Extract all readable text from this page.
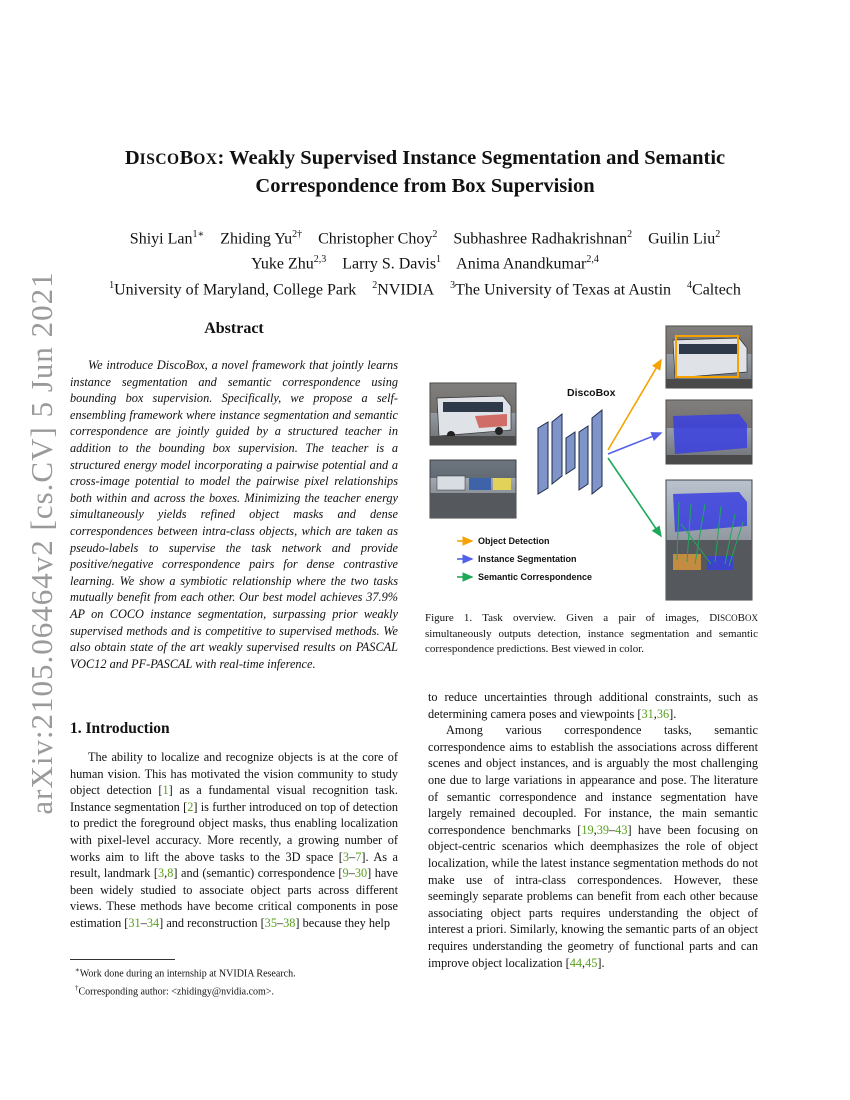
arXiv:2105.06464v2 [cs.CV] 5 Jun 2021
DISCOBOX: Weakly Supervised Instance Segmentation and Semantic
Correspondence from Box Supervision
Shiyi Lan$^{1∗}$ Zhiding $Yu^{2\dagger}$ Christopher Choy$^2$ Subhashree Radhakrishnan$^2$ Guilin Liu$^2$
Yuke Zhu$^{2,3}$ Larry S. Davis$^1$ Anima Anandkumar$^{2,4}$
$^1$University of Maryland, College Park $^2$NVIDIA $^3$The University of Texas at Austin $^4$Caltech
Abstract
We introduce DiscoBox, a novel framework that jointly learns instance segmentation and semantic correspondence using bounding box supervision. Specifically, we propose a self-ensembling framework where instance segmentation and semantic correspondence are jointly guided by a structured teacher in addition to the bounding box supervision. The teacher is a structured energy model incorporating a pairwise potential and a cross-image potential to model the pairwise pixel relationships both within and across the boxes. Minimizing the teacher energy simultaneously yields refined object masks and dense correspondences between intra-class objects, which are taken as pseudo-labels to supervise the task network and provide positive/negative correspondence pairs for dense contrastive learning. We show a symbiotic relationship where the two tasks mutually benefit from each other. Our best model achieves 37.9% AP on COCO instance segmentation, surpassing prior weakly supervised methods and is competitive to supervised methods. We also obtain state of the art weakly supervised results on PASCAL VOC12 and PF-PASCAL with real-time inference.
1. Introduction
The ability to localize and recognize objects is at the core of human vision. This has motivated the vision community to study object detection [1] as a fundamental visual recognition task. Instance segmentation [2] is further introduced on top of detection to predict the foreground object masks, thus enabling localization with pixel-level accuracy. More recently, a growing number of works aim to lift the above tasks to the 3D space [3–7]. As a result, landmark [3,8] and (semantic) correspondence [9–30] have been widely studied to associate object parts across different views. These methods have become critical components in pose estimation [31–34] and reconstruction [35–38] because they help
∗Work done during an internship at NVIDIA Research.
†Corresponding author: <zhidingy@nvidia.com>.
DiscoBox
Object Detection
Instance Segmentation
Semantic Correspondence
Figure 1. Task overview. Given a pair of images, DISCOBOX simultaneously outputs detection, instance segmentation and semantic correspondence predictions. Best viewed in color.

to reduce uncertainties through additional constraints, such as determining camera poses and viewpoints [31,36].

Among various correspondence tasks, semantic correspondence aims to establish the associations across different scenes and object instances, and is arguably the most challenging one due to large variations in appearance and pose. The literature of semantic correspondence and instance segmentation have largely remained decoupled. For instance, the main semantic correspondence benchmarks [19,39–43] have been focusing on object-centric scenarios which deemphasizes the role of object localization, while the latest instance segmentation methods do not make use of intra-class correspondences. However, these seemingly separate problems can benefit from each other because associating object parts requires understanding the object of interest a priori. Similarly, knowing the semantic parts of an object requires understanding the geometry of functional parts and can improve object localization [44,45].
